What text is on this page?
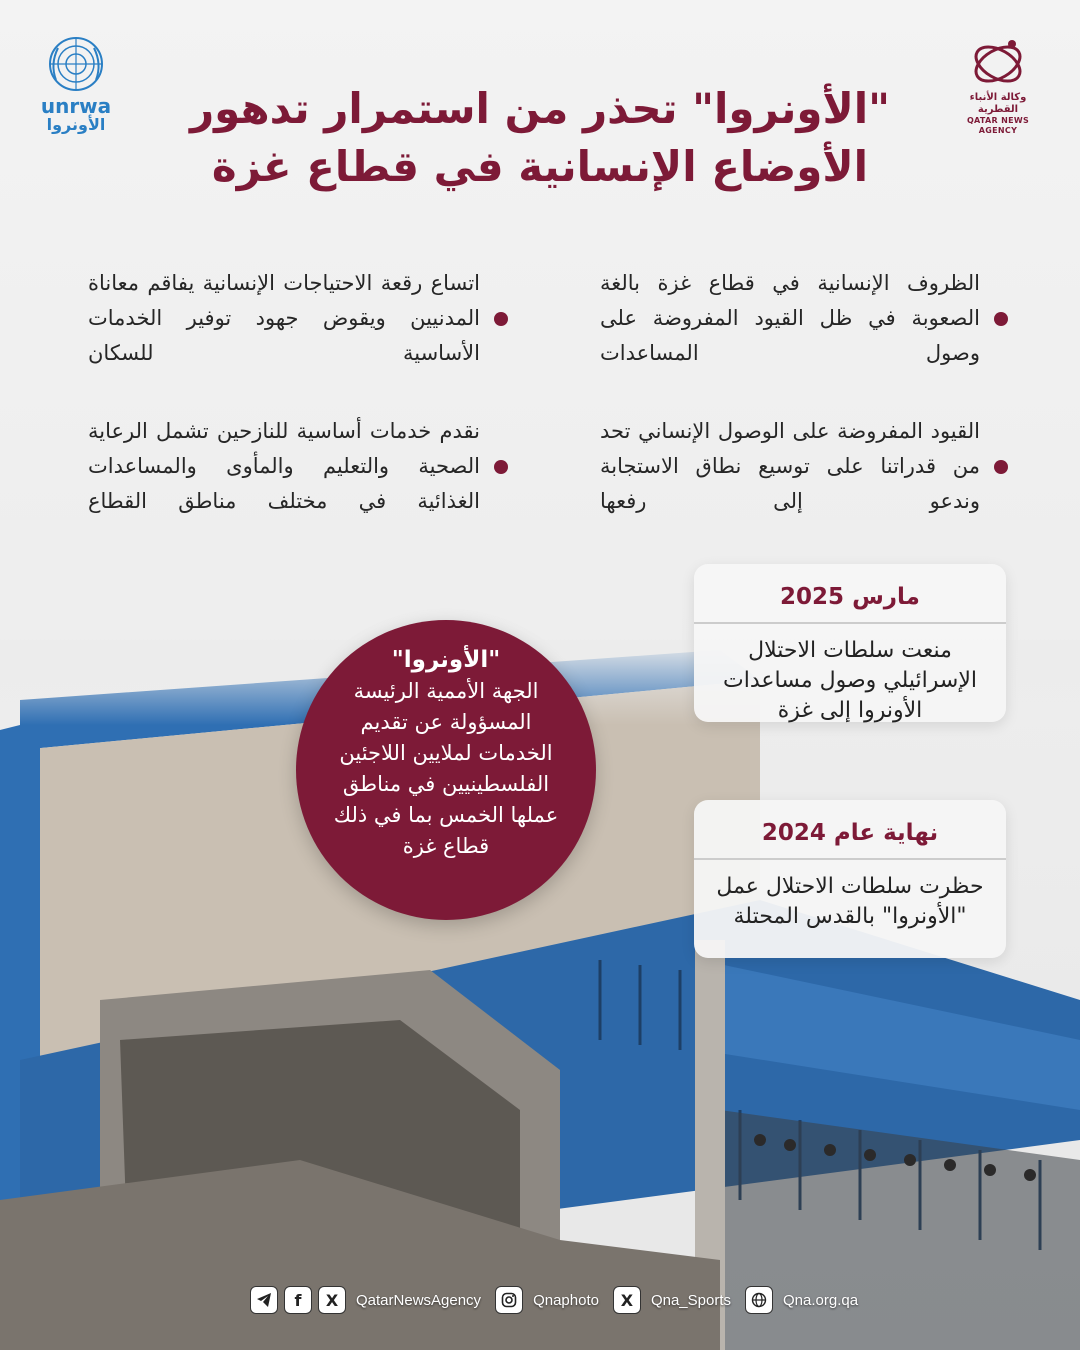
unrwa
الأونروا
وكالة الأنباء القطرية
QATAR NEWS AGENCY
"الأونروا" تحذر من استمرار تدهور
الأوضاع الإنسانية في قطاع غزة
الظروف الإنسانية في قطاع غزة بالغة الصعوبة في ظل القيود المفروضة على وصول المساعدات
اتساع رقعة الاحتياجات الإنسانية يفاقم معاناة المدنيين ويقوض جهود توفير الخدمات الأساسية للسكان
القيود المفروضة على الوصول الإنساني تحد من قدراتنا على توسيع نطاق الاستجابة وندعو إلى رفعها
نقدم خدمات أساسية للنازحين تشمل الرعاية الصحية والتعليم والمأوى والمساعدات الغذائية في مختلف مناطق القطاع
مارس 2025
منعت سلطات الاحتلال الإسرائيلي وصول مساعدات الأونروا إلى غزة
نهاية عام 2024
حظرت سلطات الاحتلال عمل "الأونروا" بالقدس المحتلة
"الأونروا"
الجهة الأممية الرئيسة المسؤولة عن تقديم الخدمات لملايين اللاجئين الفلسطينيين في مناطق عملها الخمس بما في ذلك قطاع غزة
f	X	QatarNewsAgency	Qnaphoto	X	Qna_Sports	Qna.org.qa
